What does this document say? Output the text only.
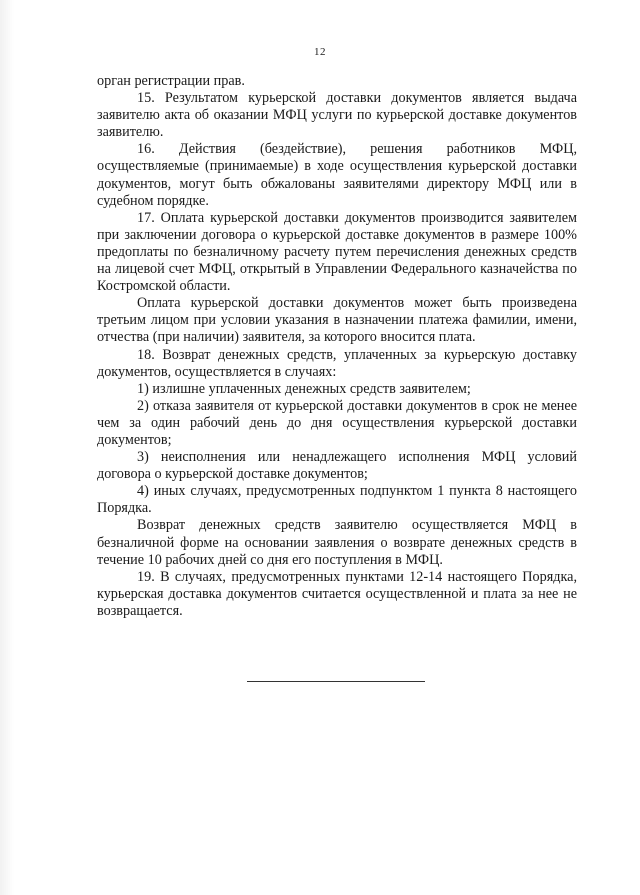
12

орган регистрации прав.

15. Результатом курьерской доставки документов является выдача заявителю акта об оказании МФЦ услуги по курьерской доставке документов заявителю.

16. Действия (бездействие), решения работников МФЦ, осуществляемые (принимаемые) в ходе осуществления курьерской доставки документов, могут быть обжалованы заявителями директору МФЦ или в судебном порядке.

17. Оплата курьерской доставки документов производится заявителем при заключении договора о курьерской доставке документов в размере 100% предоплаты по безналичному расчету путем перечисления денежных средств на лицевой счет МФЦ, открытый в Управлении Федерального казначейства по Костромской области.

Оплата курьерской доставки документов может быть произведена третьим лицом при условии указания в назначении платежа фамилии, имени, отчества (при наличии) заявителя, за которого вносится плата.

18. Возврат денежных средств, уплаченных за курьерскую доставку документов, осуществляется в случаях:

1) излишне уплаченных денежных средств заявителем;

2) отказа заявителя от курьерской доставки документов в срок не менее чем за один рабочий день до дня осуществления курьерской доставки документов;

3) неисполнения или ненадлежащего исполнения МФЦ условий договора о курьерской доставке документов;

4) иных случаях, предусмотренных подпунктом 1 пункта 8 настоящего Порядка.

Возврат денежных средств заявителю осуществляется МФЦ в безналичной форме на основании заявления о возврате денежных средств в течение 10 рабочих дней со дня его поступления в МФЦ.

19. В случаях, предусмотренных пунктами 12-14 настоящего Порядка, курьерская доставка документов считается осуществленной и плата за нее не возвращается.
